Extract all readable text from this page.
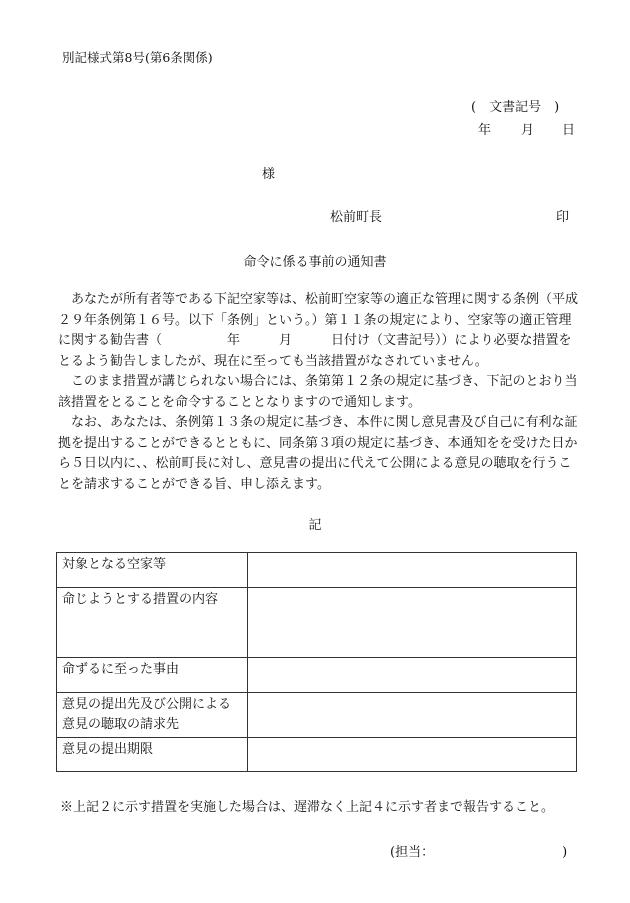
別記様式第8号(第6条関係)
(　文書記号　)
年 月 日
様
松前町長	印
命令に係る事前の通知書

あなたが所有者等である下記空家等は、松前町空家等の適正な管理に関する条例（平成２９年条例第１６号。以下「条例」という。）第１１条の規定により、空家等の適正管理に関する勧告書（　　　　　年　　　月　　　日付け（文書記号））により必要な措置をとるよう勧告しましたが、現在に至っても当該措置がなされていません。

このまま措置が講じられない場合には、条第第１２条の規定に基づき、下記のとおり当該措置をとることを命令することとなりますので通知します。

なお、あなたは、条例第１３条の規定に基づき、本件に関し意見書及び自己に有利な証拠を提出することができるとともに、同条第３項の規定に基づき、本通知をを受けた日から５日以内に、、松前町長に対し、意見書の提出に代えて公開による意見の聴取を行うことを請求することができる旨、申し添えます。

記
対象となる空家等	
命じようとする措置の内容	
命ずるに至った事由	
意見の提出先及び公開による意見の聴取の請求先	
意見の提出期限	
※上記２に示す措置を実施した場合は、遅滞なく上記４に示す者まで報告すること。
(担当：	)
